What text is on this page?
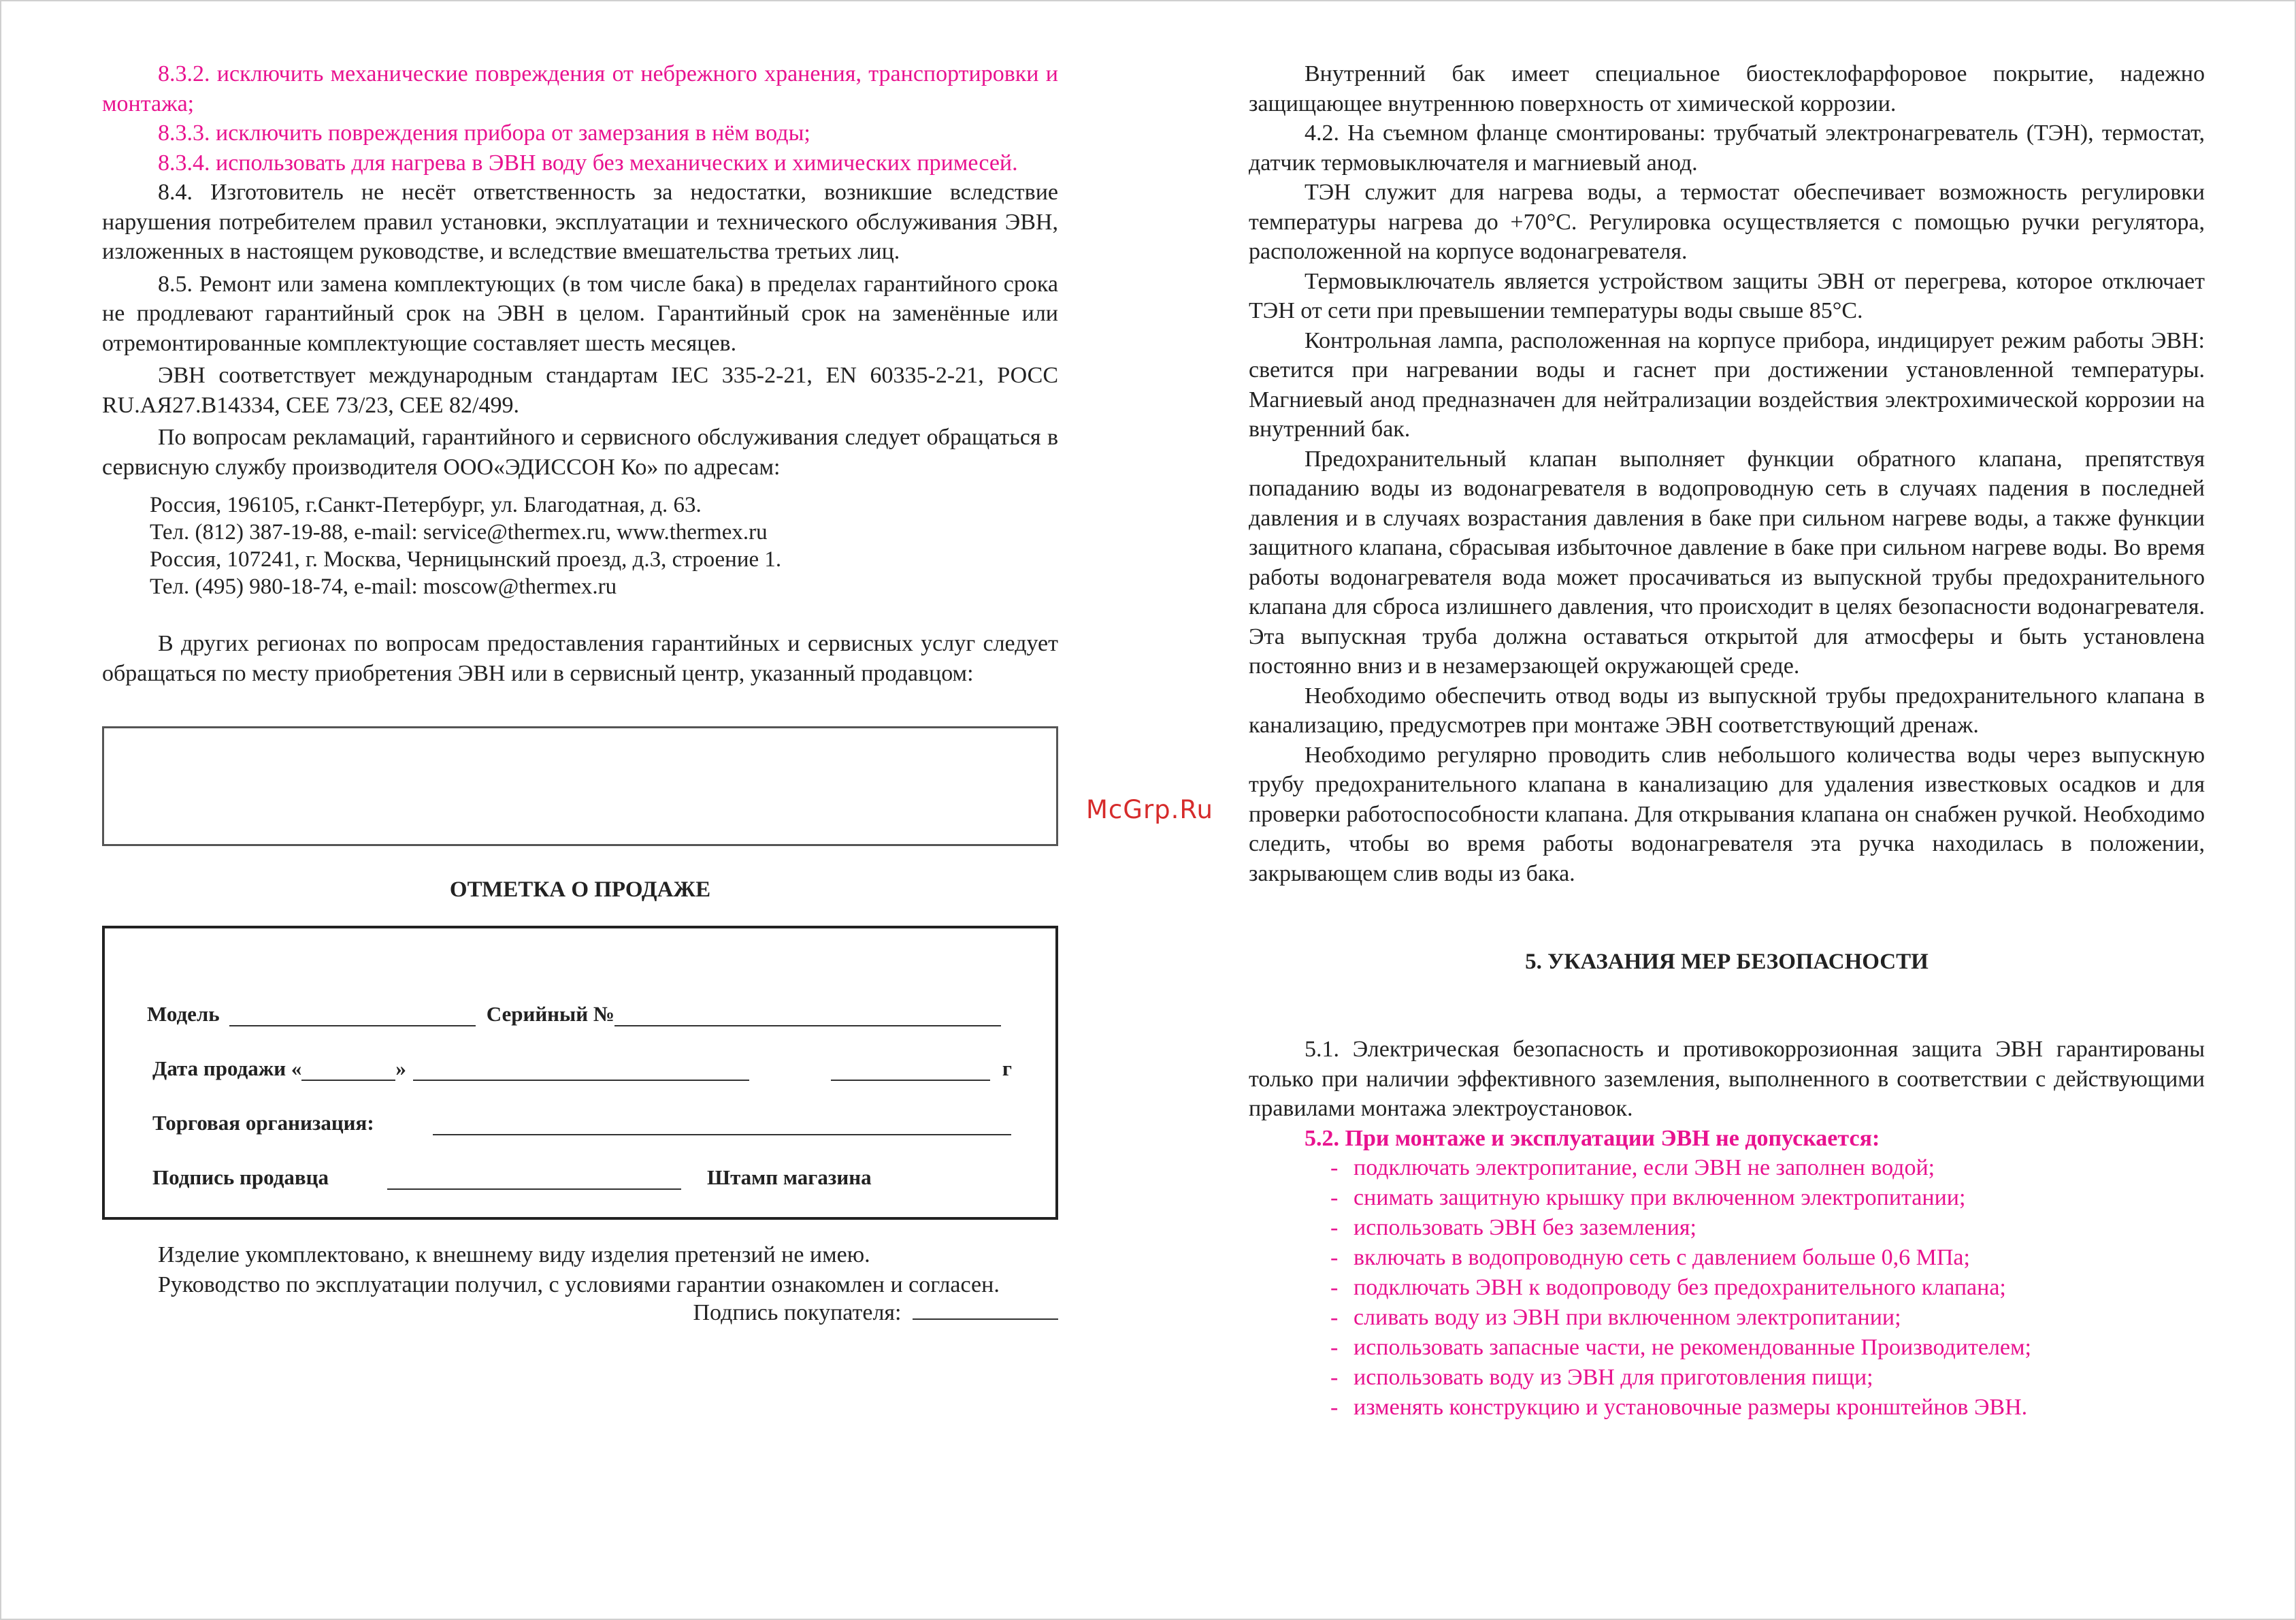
8.3.2. исключить механические повреждения от небрежного хранения, транспортировки и монтажа;

8.3.3. исключить повреждения прибора от замерзания в нём воды;

8.3.4. использовать для нагрева в ЭВН воду без механических и химических примесей.

8.4. Изготовитель не несёт ответственность за недостатки, возникшие вследствие нарушения потребителем правил установки, эксплуатации и технического обслуживания ЭВН, изложенных в настоящем руководстве, и вследствие вмешательства третьих лиц.

8.5. Ремонт или замена комплектующих (в том числе бака) в пределах гарантийного срока не продлевают гарантийный срок на ЭВН в целом. Гарантийный срок на заменённые или отремонтированные комплектующие составляет шесть месяцев.

ЭВН соответствует международным стандартам IEC 335-2-21, EN 60335-2-21, РОСС RU.АЯ27.В14334, СЕЕ 73/23, СЕЕ 82/499.

По вопросам рекламаций, гарантийного и сервисного обслуживания следует обращаться в сервисную службу производителя ООО«ЭДИССОН Ко» по адресам:

Россия, 196105, г.Санкт-Петербург, ул. Благодатная, д. 63.

Тел. (812) 387-19-88, e-mail: service@thermex.ru, www.thermex.ru

Россия, 107241, г. Москва, Черницынский проезд, д.3, строение 1.

Тел. (495) 980-18-74, e-mail: moscow@thermex.ru

В других регионах по вопросам предоставления гарантийных и сервисных услуг следует обращаться по месту приобретения ЭВН или в сервисный центр, указанный продавцом:

ОТМЕТКА О ПРОДАЖЕ

Модель	Серийный №
Дата продажи «	»	г
Торговая организация:
Подпись продавца	Штамп магазина

Изделие укомплектовано, к внешнему виду изделия претензий не имею.

Руководство по эксплуатации получил, с условиями гарантии ознакомлен и согласен.

Подпись покупателя:
McGrp.Ru

Внутренний бак имеет специальное биостеклофарфоровое покрытие, надежно защищающее внутреннюю поверхность от химической коррозии.

4.2. На съемном фланце смонтированы: трубчатый электронагреватель (ТЭН), термостат, датчик термовыключателя и магниевый анод.

ТЭН служит для нагрева воды, а термостат обеспечивает возможность регулировки температуры нагрева до +70°С. Регулировка осуществляется с помощью ручки регулятора, расположенной на корпусе водонагревателя.

Термовыключатель является устройством защиты ЭВН от перегрева, которое отключает ТЭН от сети при превышении температуры воды свыше 85°С.

Контрольная лампа, расположенная на корпусе прибора, индицирует режим работы ЭВН: светится при нагревании воды и гаснет при достижении установленной температуры. Магниевый анод предназначен для нейтрализации воздействия электрохимической коррозии на внутренний бак.

Предохранительный клапан выполняет функции обратного клапана, препятствуя попаданию воды из водонагревателя в водопроводную сеть в случаях падения в последней давления и в случаях возрастания давления в баке при сильном нагреве воды, а также функции защитного клапана, сбрасывая избыточное давление в баке при сильном нагреве воды. Во время работы водонагревателя вода может просачиваться из выпускной трубы предохранительного клапана для сброса излишнего давления, что происходит в целях безопасности водонагревателя. Эта выпускная труба должна оставаться открытой для атмосферы и быть установлена постоянно вниз и в незамерзающей окружающей среде.

Необходимо обеспечить отвод воды из выпускной трубы предохранительного клапана в канализацию, предусмотрев при монтаже ЭВН соответствующий дренаж.

Необходимо регулярно проводить слив небольшого количества воды через выпускную трубу предохранительного клапана в канализацию для удаления известковых осадков и для проверки работоспособности клапана. Для открывания клапана он снабжен ручкой. Необходимо следить, чтобы во время работы водонагревателя эта ручка находилась в положении, закрывающем слив воды из бака.

5. УКАЗАНИЯ МЕР БЕЗОПАСНОСТИ

5.1. Электрическая безопасность и противокоррозионная защита ЭВН гарантированы только при наличии эффективного заземления, выполненного в соответствии с действующими правилами монтажа электроустановок.

5.2. При монтаже и эксплуатации ЭВН не допускается:

- подключать электропитание, если ЭВН не заполнен водой;

- снимать защитную крышку при включенном электропитании;

- использовать ЭВН без заземления;

- включать в водопроводную сеть с давлением больше 0,6 МПа;

- подключать ЭВН к водопроводу без предохранительного клапана;

- сливать воду из ЭВН при включенном электропитании;

- использовать запасные части, не рекомендованные Производителем;

- использовать воду из ЭВН для приготовления пищи;

- изменять конструкцию и установочные размеры кронштейнов ЭВН.
